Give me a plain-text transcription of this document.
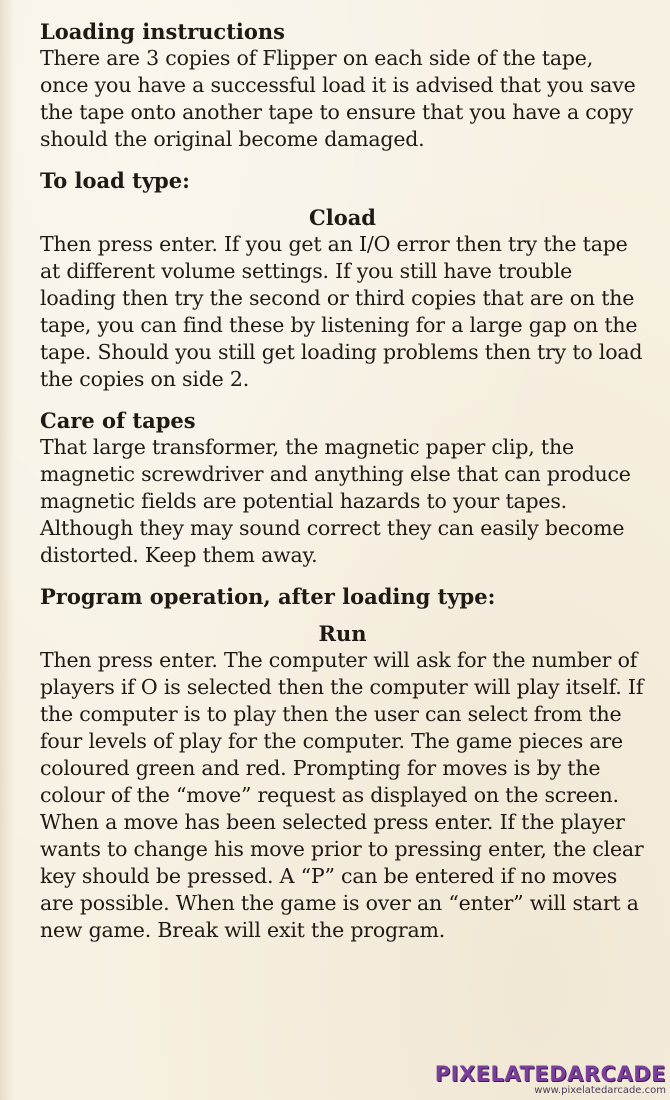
Loading instructions

There are 3 copies of Flipper on each side of the tape, once you have a successful load it is advised that you save the tape onto another tape to ensure that you have a copy should the original become damaged.

To load type:

Cload

Then press enter. If you get an I/O error then try the tape at different volume settings. If you still have trouble loading then try the second or third copies that are on the tape, you can find these by listening for a large gap on the tape. Should you still get loading problems then try to load the copies on side 2.

Care of tapes

That large transformer, the magnetic paper clip, the magnetic screwdriver and anything else that can produce magnetic fields are potential hazards to your tapes. Although they may sound correct they can easily become distorted. Keep them away.

Program operation, after loading type:

Run

Then press enter. The computer will ask for the number of players if O is selected then the computer will play itself. If the computer is to play then the user can select from the four levels of play for the computer. The game pieces are coloured green and red. Prompting for moves is by the colour of the “move” request as displayed on the screen. When a move has been selected press enter. If the player wants to change his move prior to pressing enter, the clear key should be pressed. A “P” can be entered if no moves are possible. When the game is over an “enter” will start a new game. Break will exit the program.

PIXELATEDARCADE
www.pixelatedarcade.com
